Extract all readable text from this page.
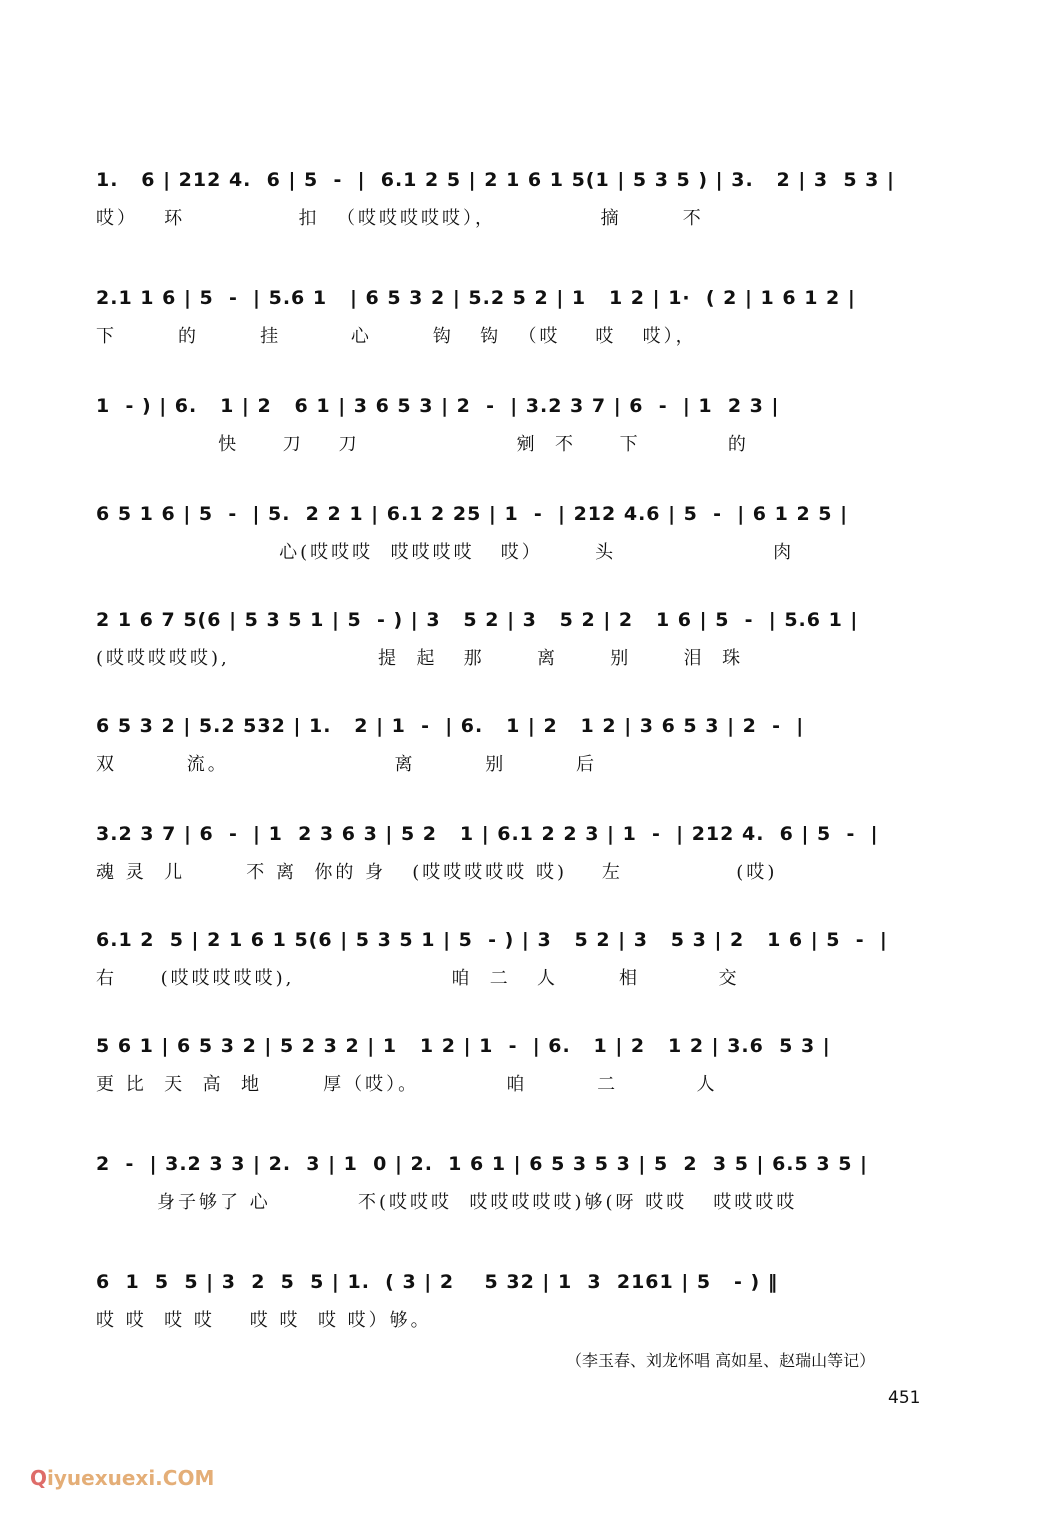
1.   6 | 212 4.  6 | 5  -  |  6.1 2 5 | 2 1 6 1 5(1 | 5 3 5 ) | 3.   2 | 3  5 3 |
哎）   环             扣  （哎哎哎哎哎），            摘       不
2.1 1 6 | 5  -  | 5.6 1   | 6 5 3 2 | 5.2 5 2 | 1   1 2 | 1·  ( 2 | 1 6 1 2 |
下       的       挂        心       钩   钩  （哎    哎   哎），
1  - ) | 6.   1 | 2   6 1 | 3 6 5 3 | 2  -  | 3.2 3 7 | 6  -  | 1  2 3 |
快     刀    刀                  剜  不     下          的
6 5 1 6 | 5  -  | 5.  2 2 1 | 6.1 2 25 | 1  -  | 212 4.6 | 5  -  | 6 1 2 5 |
心(哎哎哎  哎哎哎哎   哎）      头                  肉
2 1 6 7 5(6 | 5 3 5 1 | 5  - ) | 3   5 2 | 3   5 2 | 2   1 6 | 5  -  | 5.6 1 |
(哎哎哎哎哎),                 提  起   那      离      别      泪  珠
6 5 3 2 | 5.2 532 | 1.   2 | 1  -  | 6.   1 | 2   1 2 | 3 6 5 3 | 2  -  |
双        流。                   离        别        后
3.2 3 7 | 6  -  | 1  2 3 6 3 | 5 2   1 | 6.1 2 2 3 | 1  -  | 212 4.  6 | 5  -  |
魂 灵  儿       不 离  你的 身   (哎哎哎哎哎 哎)    左             (哎)
6.1 2  5 | 2 1 6 1 5(6 | 5 3 5 1 | 5  - ) | 3   5 2 | 3   5 3 | 2   1 6 | 5  -  |
右     (哎哎哎哎哎),                  咱  二   人       相         交
5 6 1 | 6 5 3 2 | 5 2 3 2 | 1   1 2 | 1  -  | 6.   1 | 2   1 2 | 3.6  5 3 |
更 比  天  高  地       厚（哎）。          咱        二         人
2  -  | 3.2 3 3 | 2.  3 | 1  0 | 2.  1 6 1 | 6 5 3 5 3 | 5  2  3 5 | 6.5 3 5 |
身子够了 心          不(哎哎哎  哎哎哎哎哎)够(呀 哎哎   哎哎哎哎
6  1  5  5 | 3  2  5  5 | 1.  ( 3 | 2    5 32 | 1  3  2161 | 5   - ) ‖
哎 哎  哎 哎    哎 哎  哎 哎）够。
（李玉春、刘龙怀唱 高如星、赵瑞山等记）
451
Qiyuexuexi.COM
